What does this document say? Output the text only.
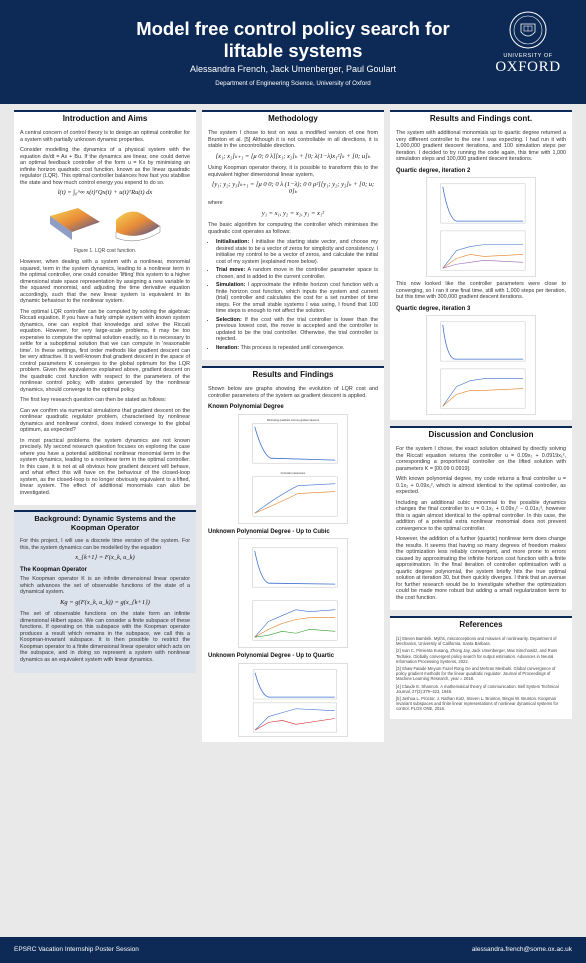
Model free control policy search for liftable systems
Alessandra French, Jack Umenberger, Paul Goulart
Department of Engineering Science, University of Oxford
UNIVERSITY OF
OXFORD
Introduction and Aims

A central concern of control theory is to design an optimal controller for a system with partially unknown dynamic properties.

Consider modelling the dynamics of a physical system with the equation dx/dt = Ax + Bu. If the dynamics are linear, one could derive an optimal feedback controller of the form u = Kx by minimising an infinite horizon quadratic cost function, known as the linear quadratic regulator (LQR). This optimal controller balances how fast you stabilise the state and how much control energy you expend to do so.

l(t) = ∫₀^∞ x(t)ᵀQx(t) + u(t)ᵀRu(t) dx
Figure 1. LQR cost function.

However, when dealing with a system with a nonlinear, monomial squared, term in the system dynamics, leading to a nonlinear term in the optimal controller, one could consider 'lifting' this system to a higher dimensional state space representation by assigning a new variable to the squared monomial, and adjusting the time derivative equation accordingly, such that the new linear system is equivalent in its dynamic behaviour to the nonlinear system.

The optimal LQR controller can be computed by solving the algebraic Riccati equation. If you have a fairly simple system with known system dynamics, one can exploit that knowledge and solve the Riccati equation. However, for very large-scale problems, it may be too expensive to compute the optimal solution exactly, so it is necessary to settle for a suboptimal solution that we can compute in 'reasonable time'. In these settings, first order methods like gradient descent can be very attractive. It is well-known that gradient descent in the space of control parameters K converges to the global optimum for the LQR problem. Given the equivalence explained above, gradient descent on the quadratic cost function with respect to the parameters of the nonlinear control policy, with states generated by the nonlinear dynamics, should converge to the optimal policy.

The first key research question can then be stated as follows:

Can we confirm via numerical simulations that gradient descent on the nonlinear quadratic regulator problem, characterised by nonlinear dynamics and nonlinear control, does indeed converge to the global optimum, as expected?

In most practical problems the system dynamics are not known precisely. My second research question focuses on exploring the case where you have a potential additional nonlinear monomial term in the system dynamics, leading to a nonlinear term in the optimal controller. In this case, it is not at all obvious how gradient descent will behave, and what effect this will have on the behaviour of the closed-loop system, as the closed-loop is no longer obviously equivalent to a lifted, linear system. The effect of additional monomials can also be investigated.

Background: Dynamic Systems and the Koopman Operator

For this project, I will use a discrete time version of the system. For this, the system dynamics can be modelled by the equation

x_{k+1} = F(x_k, u_k)
The Koopman Operator

The Koopman operator K is an infinite dimensional linear operator which advances the set of observable functions of the state of a dynamical system.

Kg = g(F(x_k, u_k)) = g(x_{k+1})

The set of observable functions on the state form an infinite dimensional Hilbert space. We can consider a finite subspace of these functions. If operating on this subspace with the Koopman operator produces a result which remains in the subspace, we call this a Koopman-invariant subspace. It is then possible to restrict the Koopman operator to a finite dimensional linear operator which acts on the subspace, and in doing so represent a system with nonlinear dynamics as an equivalent system with linear dynamics.

Methodology

The system I chose to test on was a modified version of one from Brunton et al. [5] Although it is not controllable in all directions, it is stable in the uncontrollable direction.

[x₁; x₂]ₖ₊₁ = [μ 0; 0 λ][x₁; x₂]ₖ + [0; λ(1−λ)x₁²]ₖ + [0; u]ₖ

Using Koopman operator theory, it is possible to transform this to the equivalent higher dimensional linear system,

[y₁; y₂; y₃]ₖ₊₁ = [μ 0 0; 0 λ (1−λ); 0 0 μ²][y₁; y₂; y₃]ₖ + [0; u; 0]ₖ

where

y₁ = x₁, y₂ = x₂, y₃ = x₁²

The basic algorithm for computing the controller which minimises the quadratic cost operates as follows:

• Initialisation: I initialise the starting state vector, and choose my desired state to be a vector of zeros for simplicity and consistency. I initialise my control to be a vector of zeros, and calculate the initial cost of my system (explained more below).
• Trial move: A random move in the controller parameter space is chosen, and is added to the current controller.
• Simulation: I approximate the infinite horizon cost function with a finite horizon cost function, which inputs the system and current (trial) controller and calculates the cost for a set number of time steps. For the small stable systems I was using, I found that 100 time steps is enough to not affect the solution.
• Selection: If the cost with the trial controller is lower than the previous lowest cost, the move is accepted and the controller is updated to be the trial controller. Otherwise, the trial controller is rejected.
• Iteration: This process is repeated until convergence.
Results and Findings

Shown below are graphs showing the evolution of LQR cost and controller parameters of the system as gradient descent is applied.

Known Polynomial Degree
Minimising quadratic cost via gradient descent
Controller parameters
Unknown Polynomial Degree - Up to Cubic
Unknown Polynomial Degree - Up to Quartic
Results and Findings cont.

The system with additional monomials up to quartic degree returned a very different controller to the one I was expecting. I had run it with 1,000,000 gradient descent iterations, and 100 simulation steps per iteration. I decided to try running the code again, this time with 1,000 simulation steps and 100,000 gradient descent iterations.

Quartic degree, iteration 2

This now looked like the controller parameters were close to converging, so I ran it one final time, still with 1,000 steps per iteration, but this time with 300,000 gradient descent iterations.

Quartic degree, iteration 3
Discussion and Conclusion

For the system I chose, the exact solution obtained by directly solving the Riccati equation returns the controller u = 0.09x₂ + 0.0919x₁², corresponding a proportional controller on the lifted solution with parameters K = [00.09 0.0919].

With known polynomial degree, my code returns a final controller u = 0.1x₂ + 0.09x₁², which is almost identical to the optimal controller, as expected.

Including an additional cubic monomial to the possible dynamics changes the final controller to u = 0.1x₂ + 0.09x₁² − 0.01x₁³, however this is again almost identical to the optimal controller. In this case, the addition of a potential extra nonlinear monomial does not prevent convergence to the optimal controller.

However, the addition of a further (quartic) nonlinear term does change the results. It seems that having so many degrees of freedom makes the optimization less reliably convergent, and more prone to errors caused by approximating the infinite horizon cost function with a finite approximation. In the final iteration of controller optimisation with a quartic degree polynomial, the system briefly hits the true optimal solution at iteration 30, but then quickly diverges. I think that an avenue for further research would be to investigate whether the optimization could be made more robust but adding a small regularization term to the cost function.

References
[1] Steven Bambrik. Myths, misconceptions and misuses of nonlinearity. Department of Mechanics, University of California, Santa Barbara.
[2] Ivan C. Pimienta Kusang, Zhong Jay, Jack Umenberger, Max Simchowitz, and Russ Tedrake. Globally convergent policy search for output estimation. Advances in Neural Information Processing Systems, 2022.
[3] Shaw Fatade Meyum Fazel Rong Ge and Mehran Mesbahi. Global convergence of policy gradient methods for the linear quadratic regulator. Journal of Proceedings of Machine Learning Research, year = 2018.
[4] Claude E. Shannon. A mathematical theory of communication. Bell System Technical Journal, 27(3):379–423, 1948.
[5] Joshua L. Proctor, J. Nathan Kutz, Steven L. Brunton, Bingni W. Brunton. Koopman invariant subspaces and finite linear representations of nonlinear dynamical systems for control. PLOS ONE, 2016.
EPSRC Vacation Internship Poster Session	alessandra.french@some.ox.ac.uk
